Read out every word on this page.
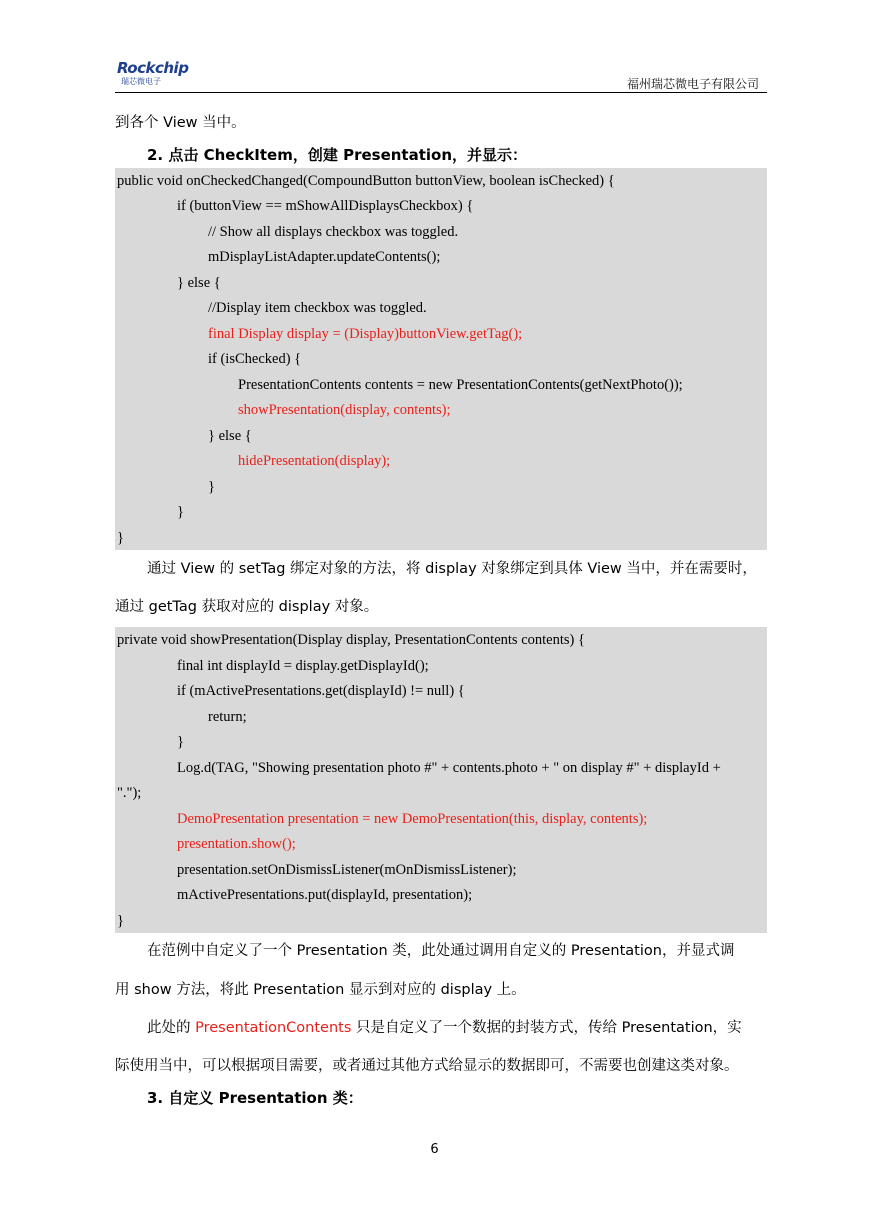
Rockchip
瑞芯微电子	福州瑞芯微电子有限公司
到各个 View 当中。
2. 点击 CheckItem，创建 Presentation，并显示：
public void onCheckedChanged(CompoundButton buttonView, boolean isChecked) {
if (buttonView == mShowAllDisplaysCheckbox) {
// Show all displays checkbox was toggled.
mDisplayListAdapter.updateContents();
} else {
//Display item checkbox was toggled.
final Display display = (Display)buttonView.getTag();
if (isChecked) {
PresentationContents contents = new PresentationContents(getNextPhoto());
showPresentation(display, contents);
} else {
hidePresentation(display);
}
}
}
通过 View 的 setTag 绑定对象的方法，将 display 对象绑定到具体 View 当中，并在需要时，
通过 getTag 获取对应的 display 对象。
private void showPresentation(Display display, PresentationContents contents) {
final int displayId = display.getDisplayId();
if (mActivePresentations.get(displayId) != null) {
return;
}
Log.d(TAG, "Showing presentation photo #" + contents.photo + " on display #" + displayId +
".");
DemoPresentation presentation = new DemoPresentation(this, display, contents);
presentation.show();
presentation.setOnDismissListener(mOnDismissListener);
mActivePresentations.put(displayId, presentation);
}
在范例中自定义了一个 Presentation 类，此处通过调用自定义的 Presentation，并显式调
用 show 方法，将此 Presentation 显示到对应的 display 上。
此处的 PresentationContents 只是自定义了一个数据的封装方式，传给 Presentation，实
际使用当中，可以根据项目需要，或者通过其他方式给显示的数据即可，不需要也创建这类对象。
3. 自定义 Presentation 类：
6
